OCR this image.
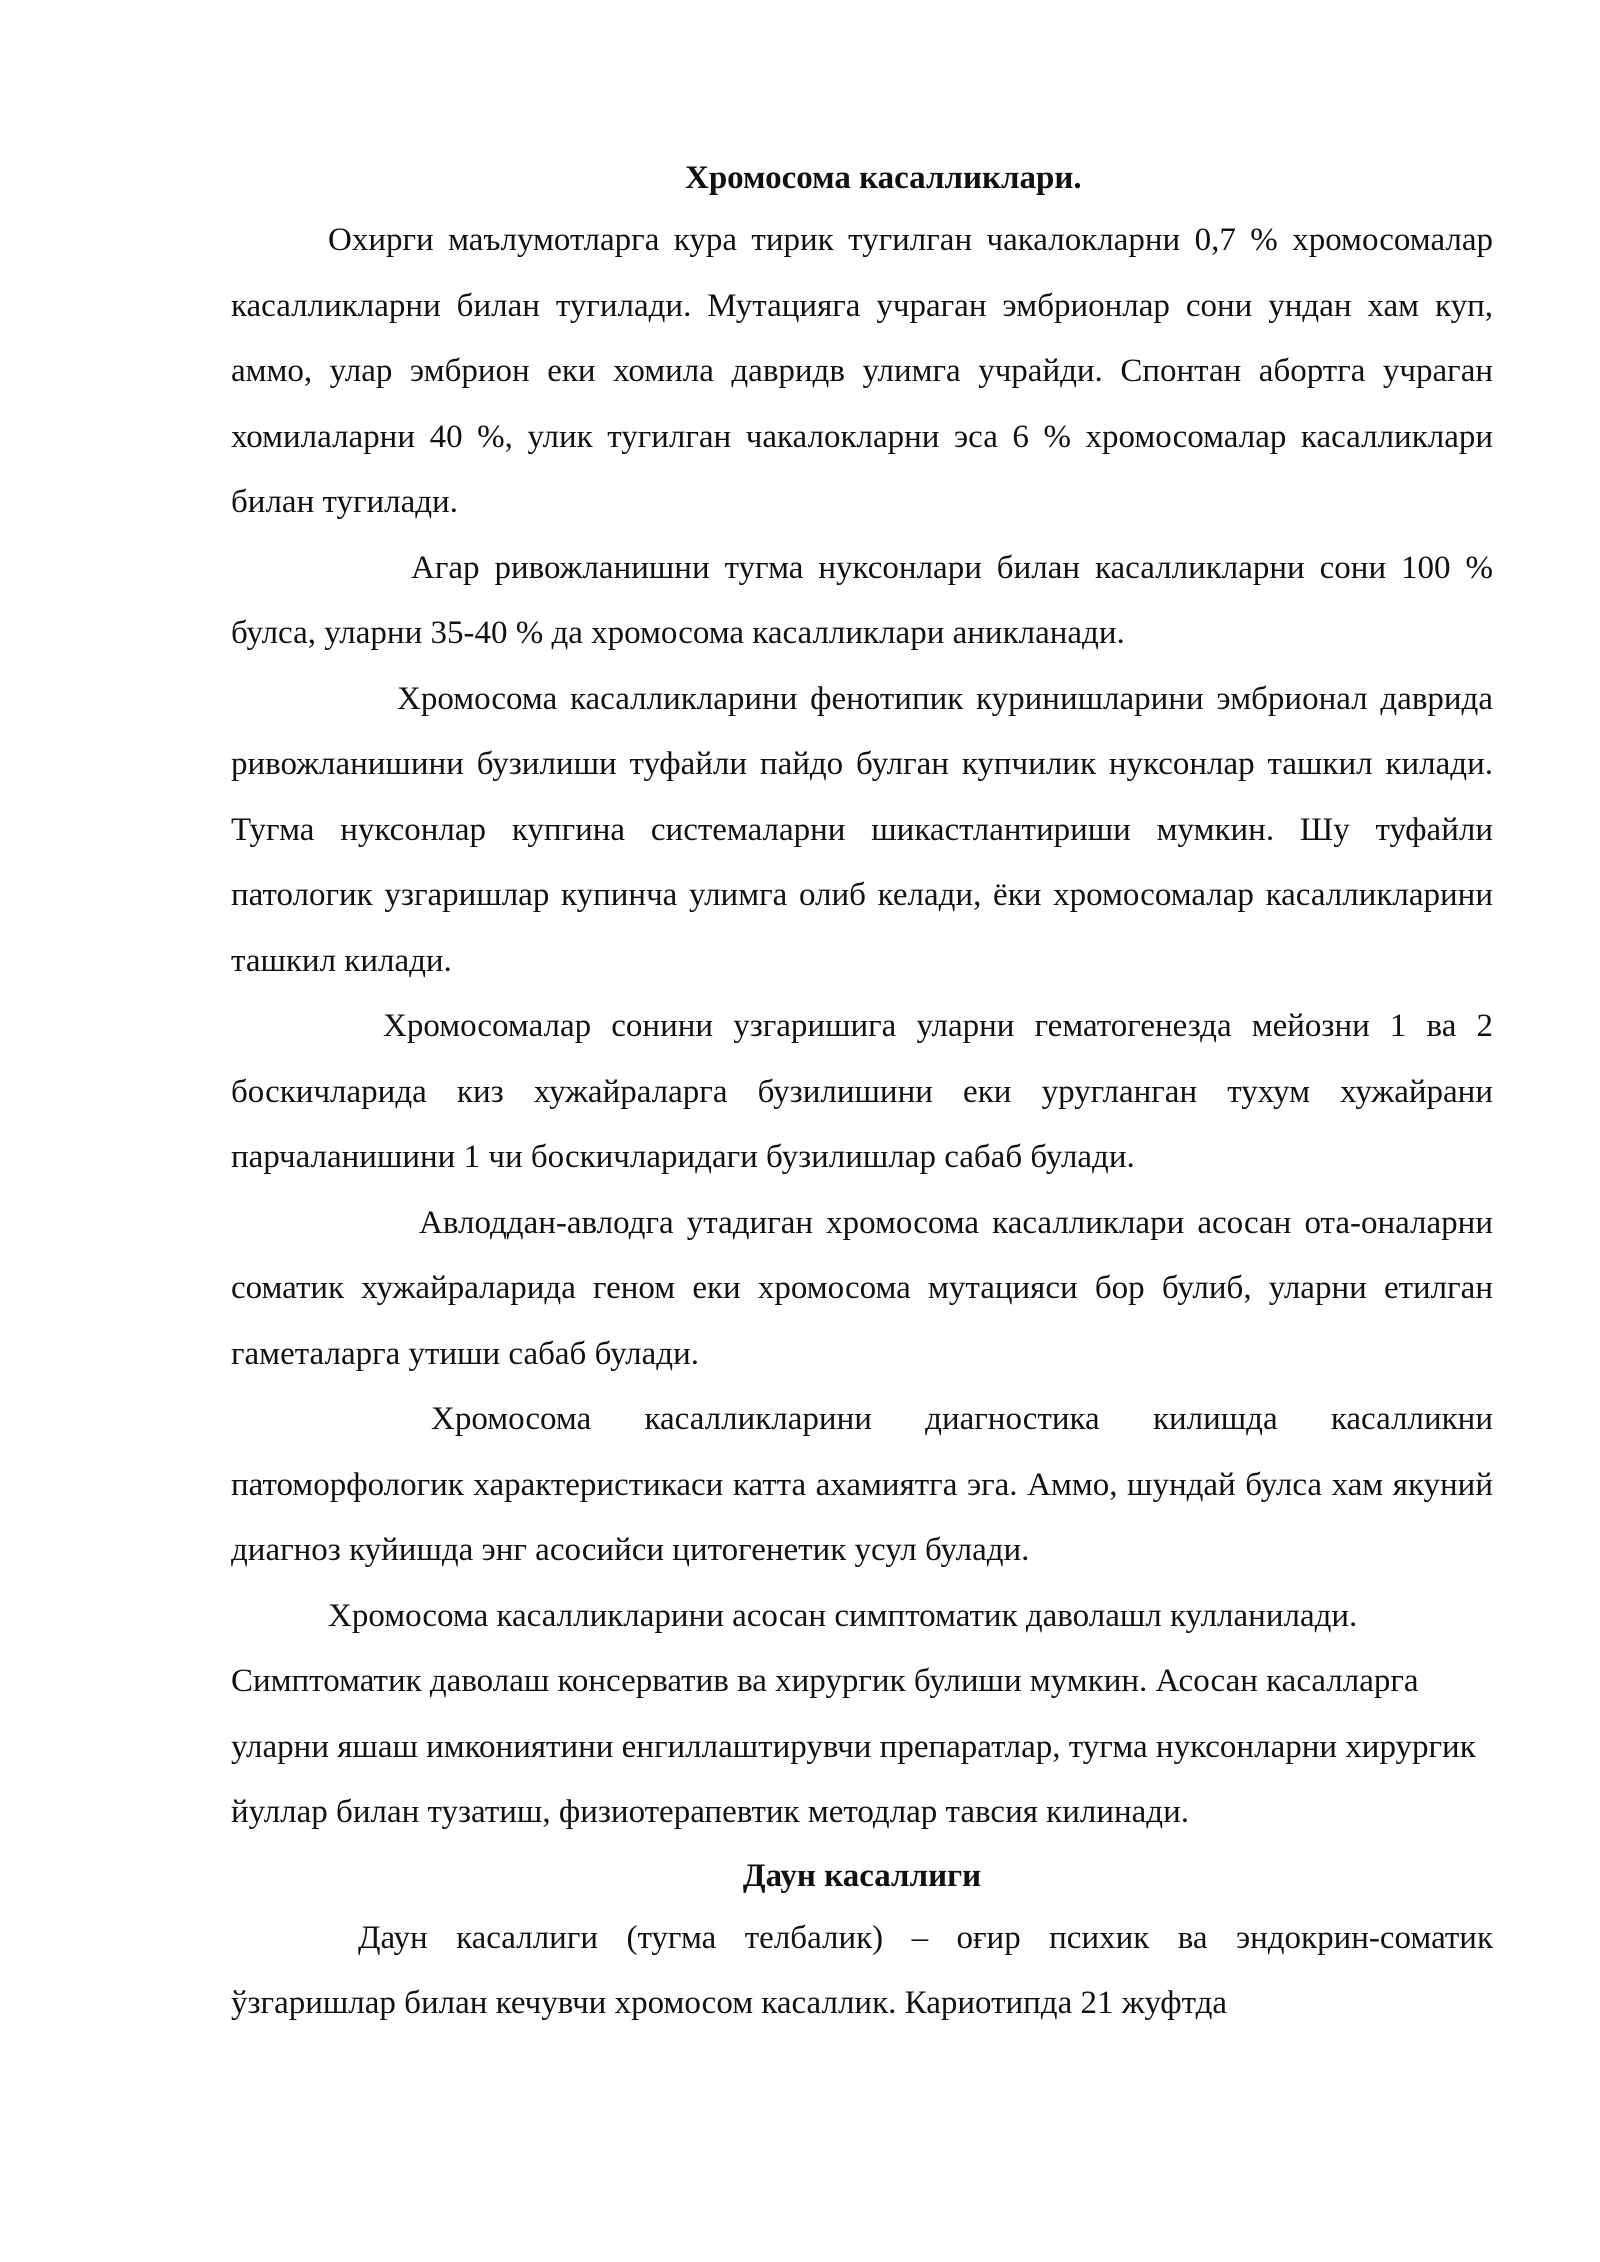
Хромосома касалликлари.

Охирги маълумотларга кура тирик тугилган чакалокларни 0,7 % хромосомалар касалликларни билан тугилади. Мутацияга учраган эмбрионлар сони ундан хам куп, аммо, улар эмбрион еки хомила давридв улимга учрайди. Спонтан абортга учраган хомилаларни 40 %, улик тугилган чакалокларни эса 6 % хромосомалар касалликлари билан тугилади.

Агар ривожланишни тугма нуксонлари билан касалликларни сони 100 % булса, уларни 35-40 % да хромосома касалликлари аникланади.

Хромосома касалликларини фенотипик куринишларини эмбрионал даврида ривожланишини бузилиши туфайли пайдо булган купчилик нуксонлар ташкил килади. Тугма нуксонлар купгина системаларни шикастлантириши мумкин. Шу туфайли патологик узгаришлар купинча улимга олиб келади, ёки хромосомалар касалликларини ташкил килади.

Хромосомалар сонини узгаришига уларни гематогенезда мейозни 1 ва 2 боскичларида киз хужайраларга бузилишини еки уругланган тухум хужайрани парчаланишини 1 чи боскичларидаги бузилишлар сабаб булади.

Авлоддан-авлодга утадиган хромосома касалликлари асосан ота-оналарни соматик хужайраларида геном еки хромосома мутацияси бор булиб, уларни етилган гаметаларга утиши сабаб булади.

Хромосома касалликларини диагностика килишда касалликни патоморфологик характеристикаси катта ахамиятга эга. Аммо, шундай булса хам якуний диагноз куйишда энг асосийси цитогенетик усул булади.

Хромосома касалликларини асосан симптоматик даволашл кулланилади. Симптоматик даволаш консерватив ва хирургик булиши мумкин. Асосан касалларга уларни яшаш имкониятини енгиллаштирувчи препаратлар, тугма нуксонларни хирургик йуллар билан тузатиш, физиотерапевтик методлар тавсия килинади.

Даун касаллиги

Даун касаллиги (тугма телбалик) – оғир психик ва эндокрин-соматик ўзгаришлар билан кечувчи хромосом касаллик. Кариотипда 21 жуфтда
